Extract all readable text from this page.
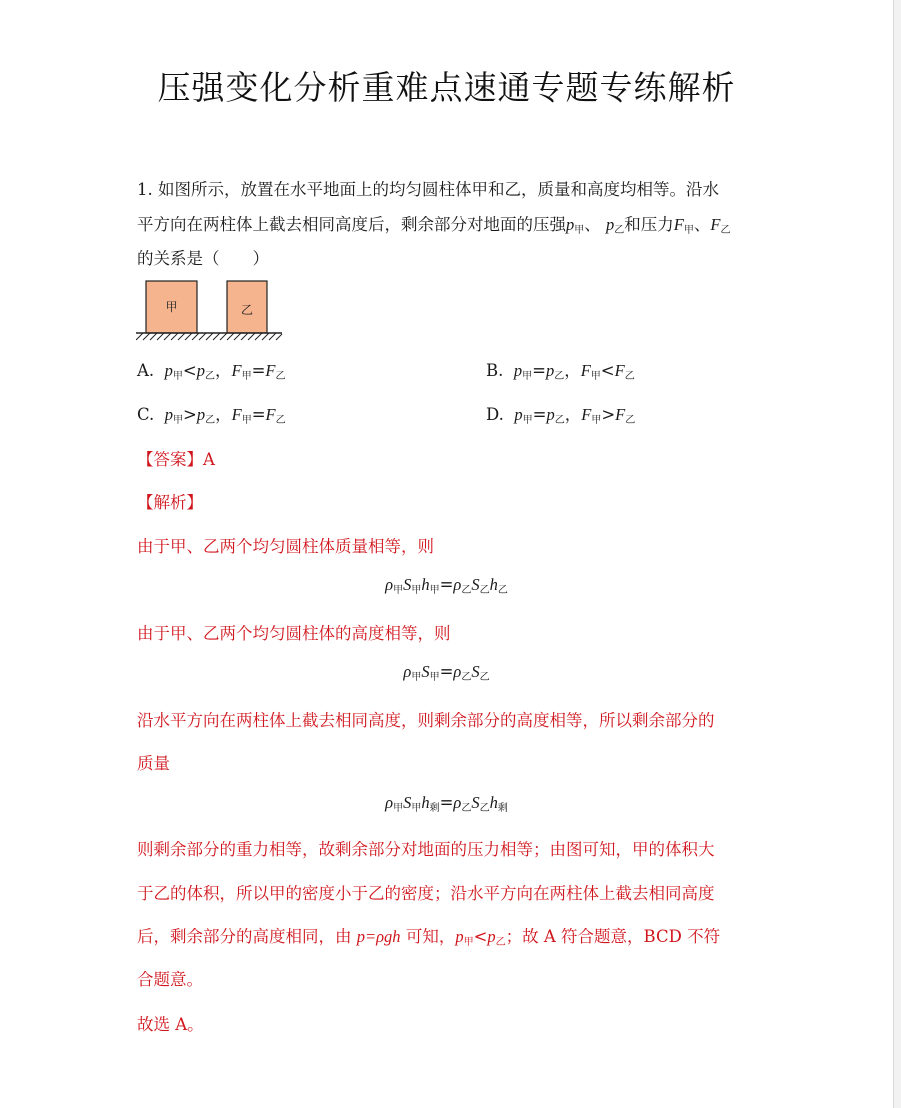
压强变化分析重难点速通专题专练解析
1. 如图所示，放置在水平地面上的均匀圆柱体甲和乙，质量和高度均相等。沿水
平方向在两柱体上截去相同高度后，剩余部分对地面的压强$p_甲$、 $p_乙$和压力$F_甲$、$F_乙$
的关系是（　　）
甲	乙
A. $p_甲<p_乙$，$F_甲=F_乙$	B. $p_甲=p_乙$，$F_甲<F_乙$
C. $p_甲>p_乙$，$F_甲=F_乙$	D. $p_甲=p_乙$，$F_甲>F_乙$
【答案】A
【解析】
由于甲、乙两个均匀圆柱体质量相等，则
$\rho_甲S_甲h_甲=\rho_乙S_乙h_乙$
由于甲、乙两个均匀圆柱体的高度相等，则
$\rho_甲S_甲=\rho_乙S_乙$
沿水平方向在两柱体上截去相同高度，则剩余部分的高度相等，所以剩余部分的
质量
$\rho_甲S_甲h_剩=\rho_乙S_乙h_剩$
则剩余部分的重力相等，故剩余部分对地面的压力相等；由图可知，甲的体积大
于乙的体积，所以甲的密度小于乙的密度；沿水平方向在两柱体上截去相同高度
后，剩余部分的高度相同，由 p=ρgh 可知，$p_甲<p_乙$；故 A 符合题意，BCD 不符
合题意。
故选 A。
